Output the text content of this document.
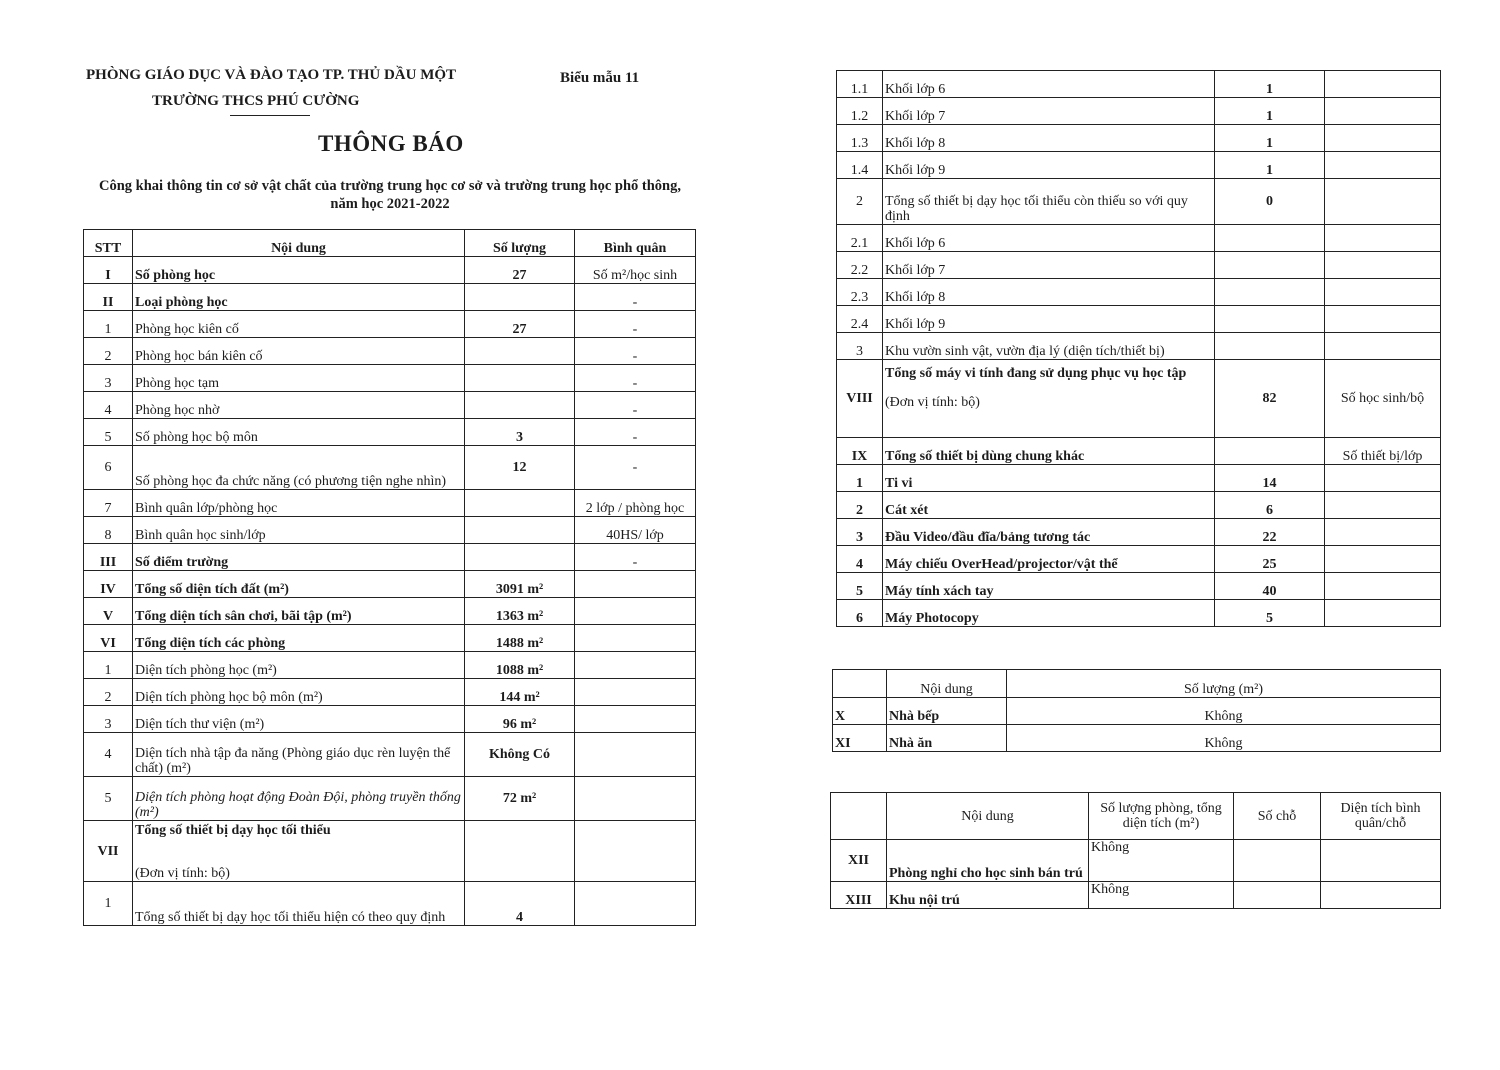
PHÒNG GIÁO DỤC VÀ ĐÀO TẠO TP. THỦ DẦU MỘT
TRƯỜNG THCS PHÚ CƯỜNG
Biểu mẫu 11
THÔNG BÁO
Công khai thông tin cơ sở vật chất của trường trung học cơ sở và trường trung học phổ thông, năm học 2021-2022
STT	Nội dung	Số lượng	Bình quân
I	Số phòng học	27	Số m²/học sinh
II	Loại phòng học		-
1	Phòng học kiên cố	27	-
2	Phòng học bán kiên cố		-
3	Phòng học tạm		-
4	Phòng học nhờ		-
5	Số phòng học bộ môn	3	-
6	Số phòng học đa chức năng (có phương tiện nghe nhìn)	12	-
7	Bình quân lớp/phòng học		2 lớp / phòng học
8	Bình quân học sinh/lớp		40HS/ lớp
III	Số điểm trường		-
IV	Tổng số diện tích đất (m²)	3091 m²	
V	Tổng diện tích sân chơi, bãi tập (m²)	1363 m²	
VI	Tổng diện tích các phòng	1488 m²	
1	Diện tích phòng học (m²)	1088 m²	
2	Diện tích phòng học bộ môn (m²)	144 m²	
3	Diện tích thư viện (m²)	96 m²	
4	Diện tích nhà tập đa năng (Phòng giáo dục rèn luyện thể chất) (m²)	Không Có	
5	Diện tích phòng hoạt động Đoàn Đội, phòng truyền thống (m²)	72 m²	
VII	Tổng số thiết bị dạy học tối thiểu
(Đơn vị tính: bộ)		
1	Tổng số thiết bị dạy học tối thiểu hiện có theo quy định	4	
1.1	Khối lớp 6	1	
1.2	Khối lớp 7	1	
1.3	Khối lớp 8	1	
1.4	Khối lớp 9	1	
2	Tổng số thiết bị dạy học tối thiểu còn thiếu so với quy định	0	
2.1	Khối lớp 6		
2.2	Khối lớp 7		
2.3	Khối lớp 8		
2.4	Khối lớp 9		
3	Khu vườn sinh vật, vườn địa lý (diện tích/thiết bị)		
VIII	Tổng số máy vi tính đang sử dụng phục vụ học tập
(Đơn vị tính: bộ)	82	Số học sinh/bộ
IX	Tổng số thiết bị dùng chung khác		Số thiết bị/lớp
1	Ti vi	14	
2	Cát xét	6	
3	Đầu Video/đầu đĩa/bảng tương tác	22	
4	Máy chiếu OverHead/projector/vật thể	25	
5	Máy tính xách tay	40	
6	Máy Photocopy	5	
	Nội dung	Số lượng (m²)
X	Nhà bếp	Không
XI	Nhà ăn	Không
	Nội dung	Số lượng phòng, tổng diện tích (m²)	Số chỗ	Diện tích bình quân/chỗ
XII	Phòng nghỉ cho học sinh bán trú	Không		
XIII	Khu nội trú	Không		
